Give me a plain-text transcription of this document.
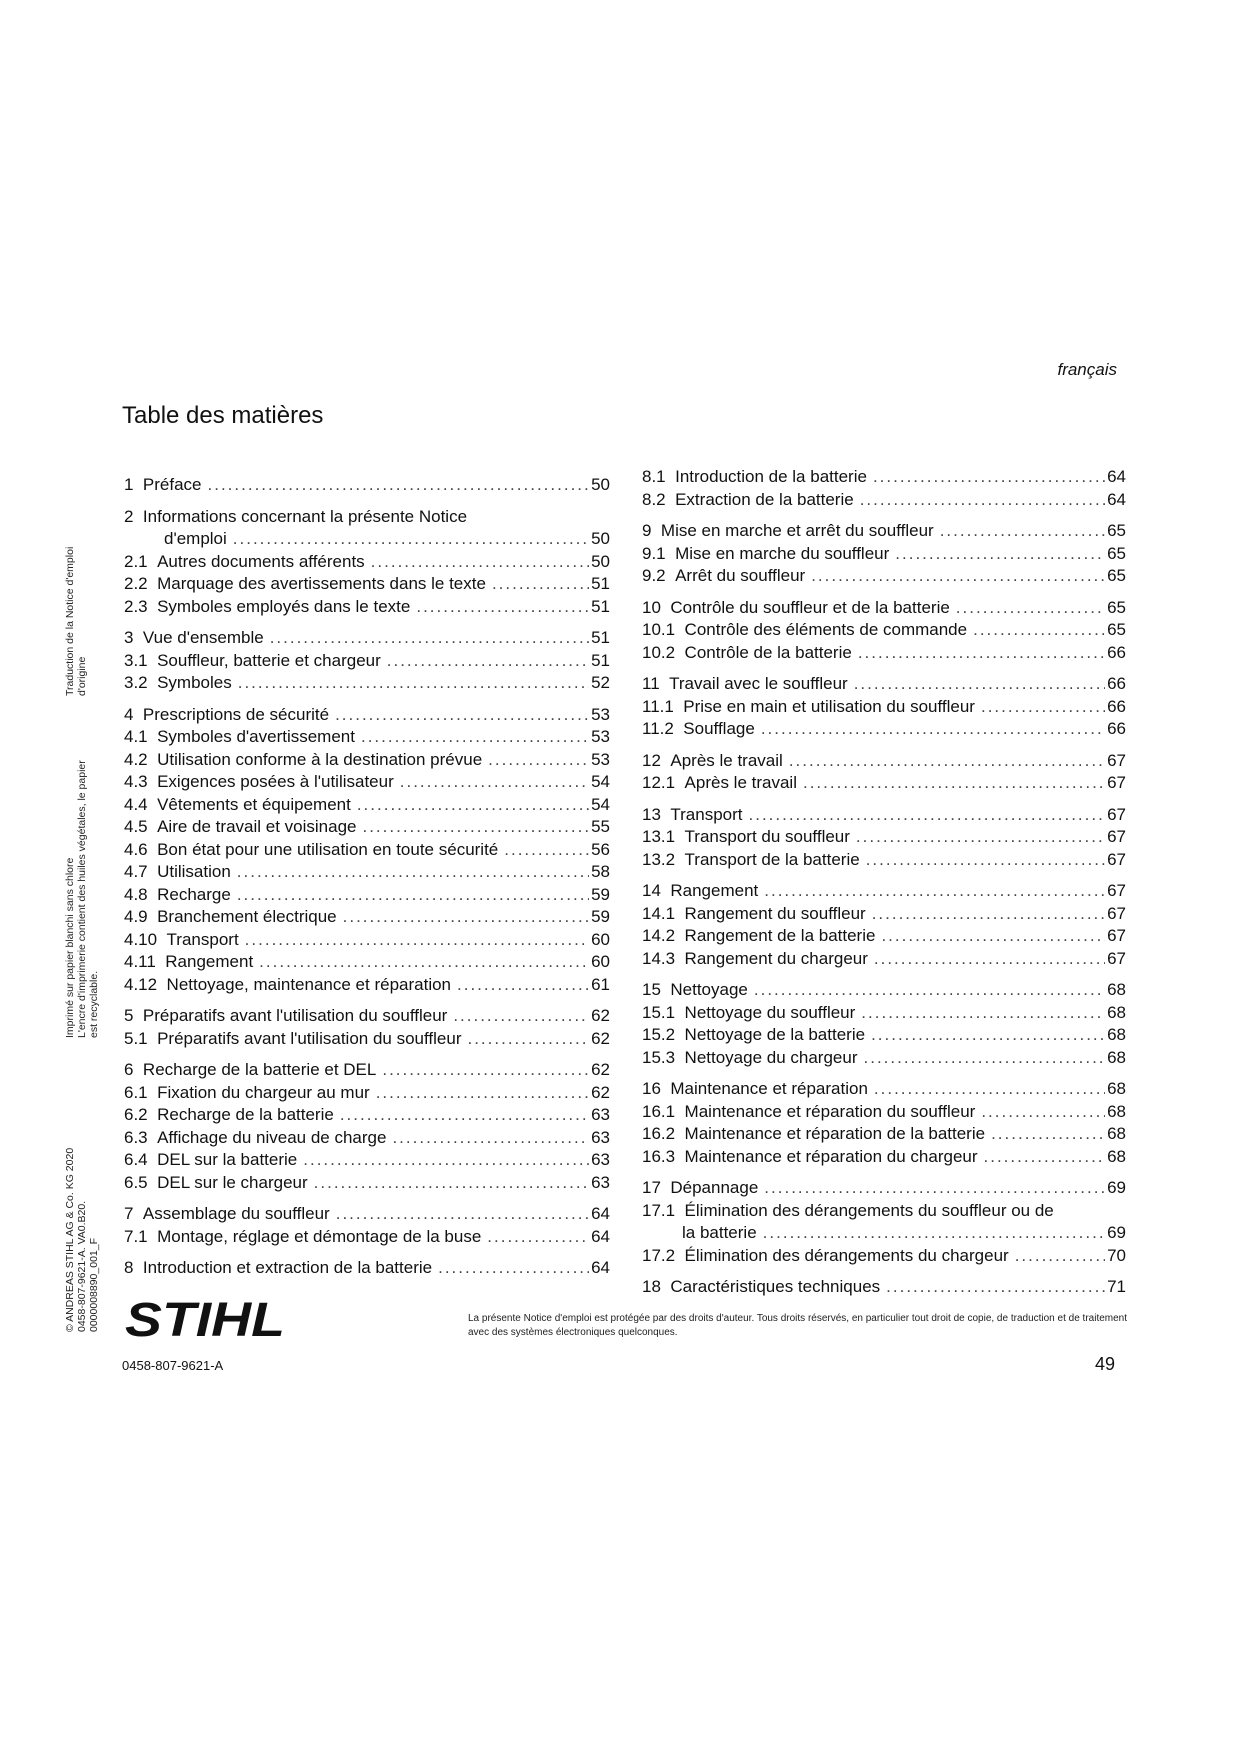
français
Table des matières
1 Préface .....	50
2 Informations concernant la présente Notice
d'emploi .....	50
2.1 Autres documents afférents .....	50
2.2 Marquage des avertissements dans le texte .....	51
2.3 Symboles employés dans le texte .....	51
3 Vue d'ensemble .....	51
3.1 Souffleur, batterie et chargeur .....	51
3.2 Symboles .....	52
4 Prescriptions de sécurité .....	53
4.1 Symboles d'avertissement .....	53
4.2 Utilisation conforme à la destination prévue .....	53
4.3 Exigences posées à l'utilisateur .....	54
4.4 Vêtements et équipement .....	54
4.5 Aire de travail et voisinage .....	55
4.6 Bon état pour une utilisation en toute sécurité .....	56
4.7 Utilisation .....	58
4.8 Recharge .....	59
4.9 Branchement électrique .....	59
4.10 Transport .....	60
4.11 Rangement .....	60
4.12 Nettoyage, maintenance et réparation .....	61
5 Préparatifs avant l'utilisation du souffleur .....	62
5.1 Préparatifs avant l'utilisation du souffleur .....	62
6 Recharge de la batterie et DEL .....	62
6.1 Fixation du chargeur au mur .....	62
6.2 Recharge de la batterie .....	63
6.3 Affichage du niveau de charge .....	63
6.4 DEL sur la batterie .....	63
6.5 DEL sur le chargeur .....	63
7 Assemblage du souffleur .....	64
7.1 Montage, réglage et démontage de la buse .....	64
8 Introduction et extraction de la batterie .....	64
8.1 Introduction de la batterie .....	64
8.2 Extraction de la batterie .....	64
9 Mise en marche et arrêt du souffleur .....	65
9.1 Mise en marche du souffleur .....	65
9.2 Arrêt du souffleur .....	65
10 Contrôle du souffleur et de la batterie .....	65
10.1 Contrôle des éléments de commande .....	65
10.2 Contrôle de la batterie .....	66
11 Travail avec le souffleur .....	66
11.1 Prise en main et utilisation du souffleur .....	66
11.2 Soufflage .....	66
12 Après le travail .....	67
12.1 Après le travail .....	67
13 Transport .....	67
13.1 Transport du souffleur .....	67
13.2 Transport de la batterie .....	67
14 Rangement .....	67
14.1 Rangement du souffleur .....	67
14.2 Rangement de la batterie .....	67
14.3 Rangement du chargeur .....	67
15 Nettoyage .....	68
15.1 Nettoyage du souffleur .....	68
15.2 Nettoyage de la batterie .....	68
15.3 Nettoyage du chargeur .....	68
16 Maintenance et réparation .....	68
16.1 Maintenance et réparation du souffleur .....	68
16.2 Maintenance et réparation de la batterie .....	68
16.3 Maintenance et réparation du chargeur .....	68
17 Dépannage .....	69
17.1 Élimination des dérangements du souffleur ou de
la batterie .....	69
17.2 Élimination des dérangements du chargeur .....	70
18 Caractéristiques techniques .....	71
Traduction de la Notice d'emploi d'origine
Imprimé sur papier blanchi sans chlore L'encre d'imprimerie contient des huiles végétales, le papier est recyclable.
© ANDREAS STIHL AG & Co. KG 2020 0458-807-9621-A. VA0.B20. 0000008890_001_F STIHL	La présente Notice d'emploi est protégée par des droits d'auteur. Tous droits réservés, en particulier tout droit de copie, de traduction et de traitement avec des systèmes électroniques quelconques.
0458-807-9621-A	49
